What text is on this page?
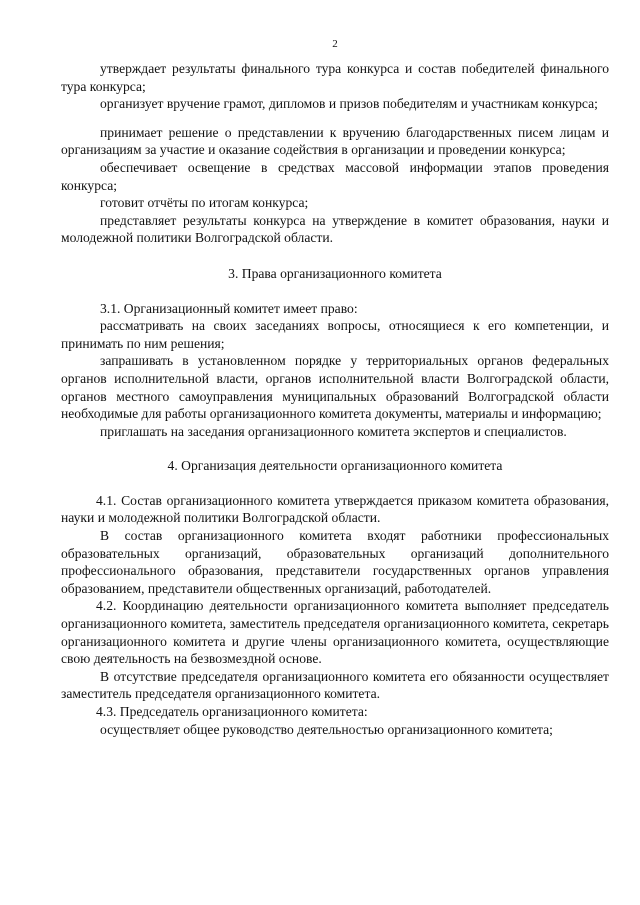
2

утверждает результаты финального тура конкурса и состав победителей финального тура конкурса;

организует вручение грамот, дипломов и призов победителям и участникам конкурса;

принимает решение о представлении к вручению благодарственных писем лицам и организациям за участие и оказание содействия в организации и проведении конкурса;

обеспечивает освещение в средствах массовой информации этапов проведения конкурса;

готовит отчёты по итогам конкурса;

представляет результаты конкурса на утверждение в комитет образования, науки и молодежной политики Волгоградской области.

3. Права организационного комитета

3.1. Организационный комитет имеет право:

рассматривать на своих заседаниях вопросы, относящиеся к его компетенции, и принимать по ним решения;

запрашивать в установленном порядке у территориальных органов федеральных органов исполнительной власти, органов исполнительной власти Волгоградской области, органов местного самоуправления муниципальных образований Волгоградской области необходимые для работы организационного комитета документы, материалы и информацию;

приглашать на заседания организационного комитета экспертов и специалистов.

4. Организация деятельности организационного комитета

4.1. Состав организационного комитета утверждается приказом комитета образования, науки и молодежной политики Волгоградской области.

В состав организационного комитета входят работники профессиональных образовательных организаций, образовательных организаций дополнительного профессионального образования, представители государственных органов управления образованием, представители общественных организаций, работодателей.

4.2. Координацию деятельности организационного комитета выполняет председатель организационного комитета, заместитель председателя организационного комитета, секретарь организационного комитета и другие члены организационного комитета, осуществляющие свою деятельность на безвозмездной основе.

В отсутствие председателя организационного комитета его обязанности осуществляет заместитель председателя организационного комитета.

4.3. Председатель организационного комитета:

осуществляет общее руководство деятельностью организационного комитета;
